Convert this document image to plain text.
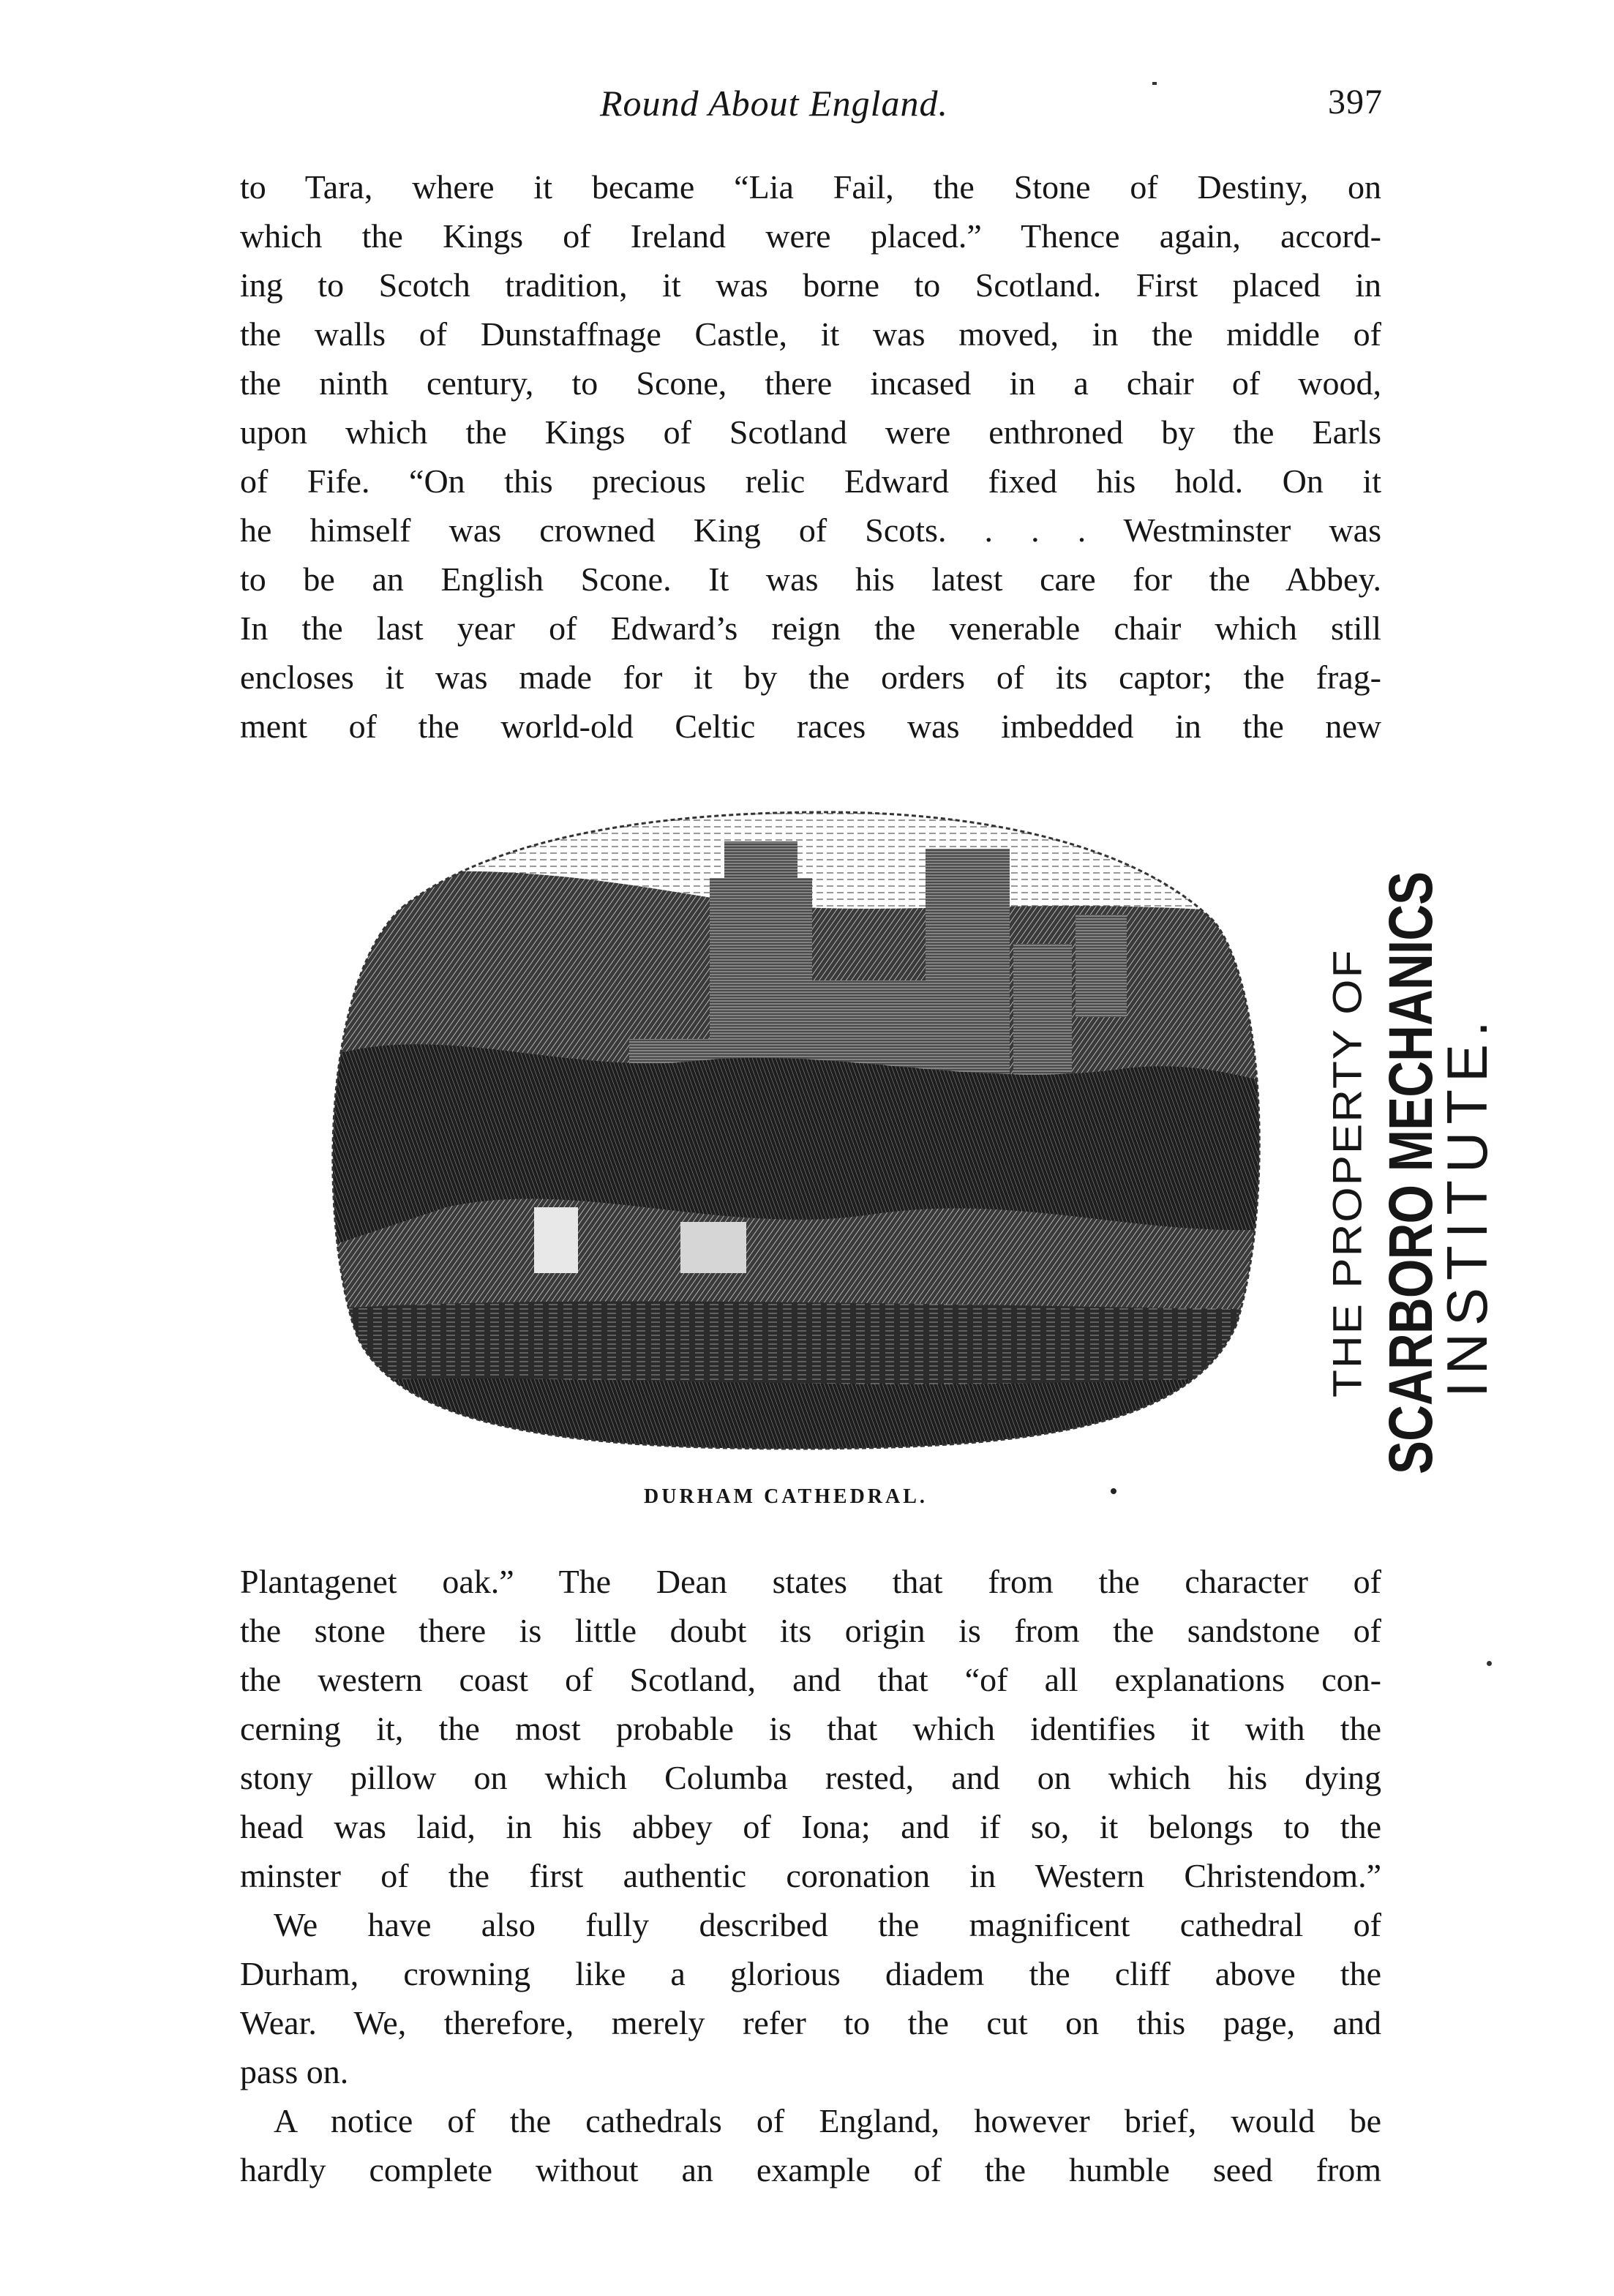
Round About England.	397
to Tara, where it became “Lia Fail, the Stone of Destiny, on
which the Kings of Ireland were placed.” Thence again, accord-
ing to Scotch tradition, it was borne to Scotland. First placed in
the walls of Dunstaffnage Castle, it was moved, in the middle of
the ninth century, to Scone, there incased in a chair of wood,
upon which the Kings of Scotland were enthroned by the Earls
of Fife. “On this precious relic Edward fixed his hold. On it
he himself was crowned King of Scots. . . . Westminster was
to be an English Scone. It was his latest care for the Abbey.
In the last year of Edward’s reign the venerable chair which still
encloses it was made for it by the orders of its captor; the frag-
ment of the world-old Celtic races was imbedded in the new
DURHAM CATHEDRAL.
THE PROPERTY OF SCARBORO MECHANICS
INSTITUTE.
Plantagenet oak.” The Dean states that from the character of
the stone there is little doubt its origin is from the sandstone of
the western coast of Scotland, and that “of all explanations con-
cerning it, the most probable is that which identifies it with the
stony pillow on which Columba rested, and on which his dying
head was laid, in his abbey of Iona; and if so, it belongs to the
minster of the first authentic coronation in Western Christendom.”
We have also fully described the magnificent cathedral of
Durham, crowning like a glorious diadem the cliff above the
Wear. We, therefore, merely refer to the cut on this page, and
pass on.
A notice of the cathedrals of England, however brief, would be
hardly complete without an example of the humble seed from
